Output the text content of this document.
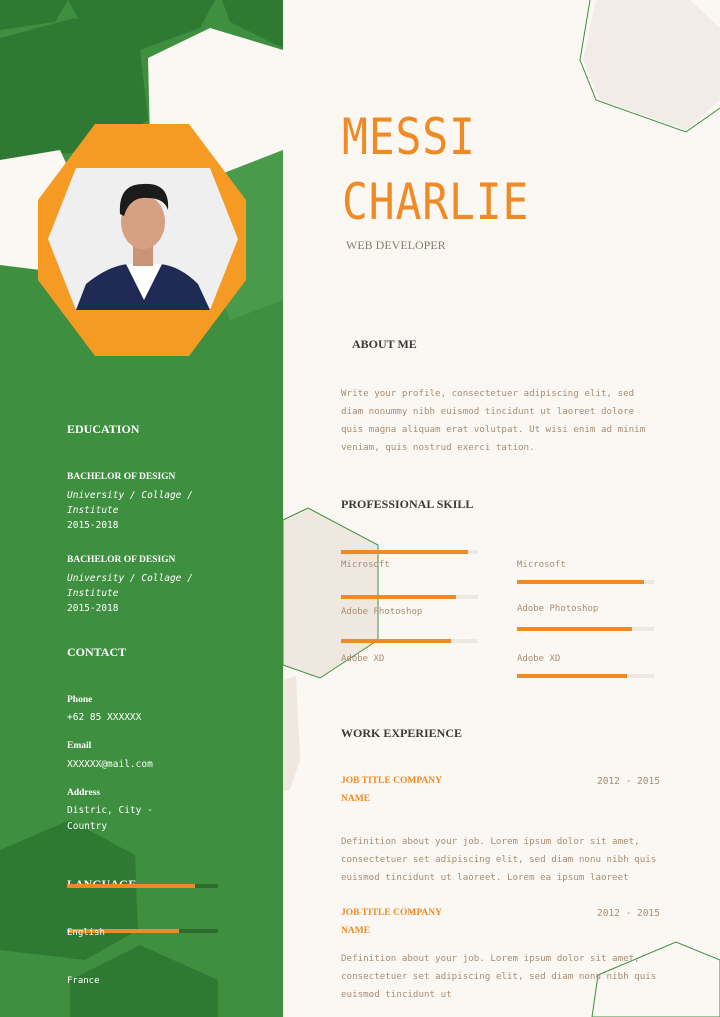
MESSI
CHARLIE
WEB DEVELOPER
ABOUT ME
Write your profile, consectetuer adipiscing elit, sed
diam nonummy nibh euismod tincidunt ut laoreet dolore
quis magna aliquam erat volutpat. Ut wisi enim ad minim
veniam, quis nostrud exerci tation.
PROFESSIONAL SKILL
Microsoft	Microsoft
Adobe Photoshop	Adobe Photoshop
Adobe XD	Adobe XD
WORK EXPERIENCE
JOB TITLE COMPANY
NAME
2012 - 2015
Definition about your job. Lorem ipsum dolor sit amet,
consectetuer set adipiscing elit, sed diam nonu nibh quis
euismod tincidunt ut laoreet. Lorem ea ipsum laoreet
JOB TITLE COMPANY
NAME
2012 - 2015
Definition about your job. Lorem ipsum dolor sit amet,
consectetuer set adipiscing elit, sed diam nonu nibh quis
euismod tincidunt ut
EDUCATION
BACHELOR OF DESIGN
University / Collage /
Institute
2015-2018
BACHELOR OF DESIGN
University / Collage /
Institute
2015-2018
CONTACT
Phone
+62 85 XXXXXX
Email
XXXXXX@mail.com
Address
Distric, City -
Country
English
France
